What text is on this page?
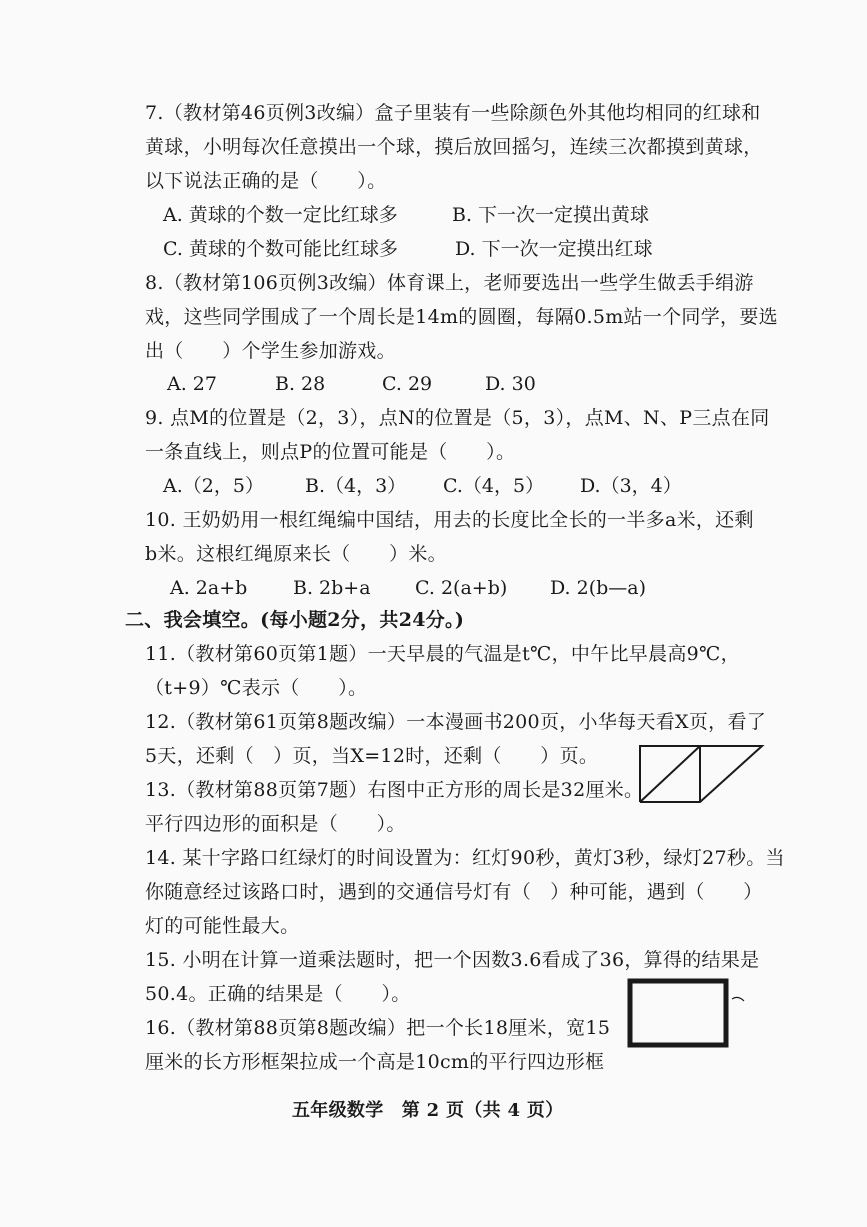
7.（教材第46页例3改编）盒子里装有一些除颜色外其他均相同的红球和
黄球，小明每次任意摸出一个球，摸后放回摇匀，连续三次都摸到黄球，
以下说法正确的是（　　）。
A. 黄球的个数一定比红球多	B. 下一次一定摸出黄球
C. 黄球的个数可能比红球多	D. 下一次一定摸出红球
8.（教材第106页例3改编）体育课上，老师要选出一些学生做丢手绢游
戏，这些同学围成了一个周长是14m的圆圈，每隔0.5m站一个同学，要选
出（　　）个学生参加游戏。
A. 27	B. 28	C. 29	D. 30
9. 点M的位置是（2，3），点N的位置是（5，3），点M、N、P三点在同
一条直线上，则点P的位置可能是（　　）。
A.（2，5） B.（4，3） C.（4，5） D.（3，4）
10. 王奶奶用一根红绳编中国结，用去的长度比全长的一半多a米，还剩
b米。这根红绳原来长（　　）米。
A. 2a+b B. 2b+a C. 2(a+b) D. 2(b—a)
二、我会填空。(每小题2分，共24分。)
11.（教材第60页第1题）一天早晨的气温是t℃，中午比早晨高9℃，
（t+9）℃表示（　　）。
12.（教材第61页第8题改编）一本漫画书200页，小华每天看X页，看了
5天，还剩（　）页，当X=12时，还剩（　　）页。
13.（教材第88页第7题）右图中正方形的周长是32厘米。
平行四边形的面积是（　　）。
14. 某十字路口红绿灯的时间设置为：红灯90秒，黄灯3秒，绿灯27秒。当
你随意经过该路口时，遇到的交通信号灯有（　）种可能，遇到（　　）
灯的可能性最大。
15. 小明在计算一道乘法题时，把一个因数3.6看成了36，算得的结果是
50.4。正确的结果是（　　）。
16.（教材第88页第8题改编）把一个长18厘米，宽15
厘米的长方形框架拉成一个高是10cm的平行四边形框
五年级数学　第 2 页（共 4 页）
